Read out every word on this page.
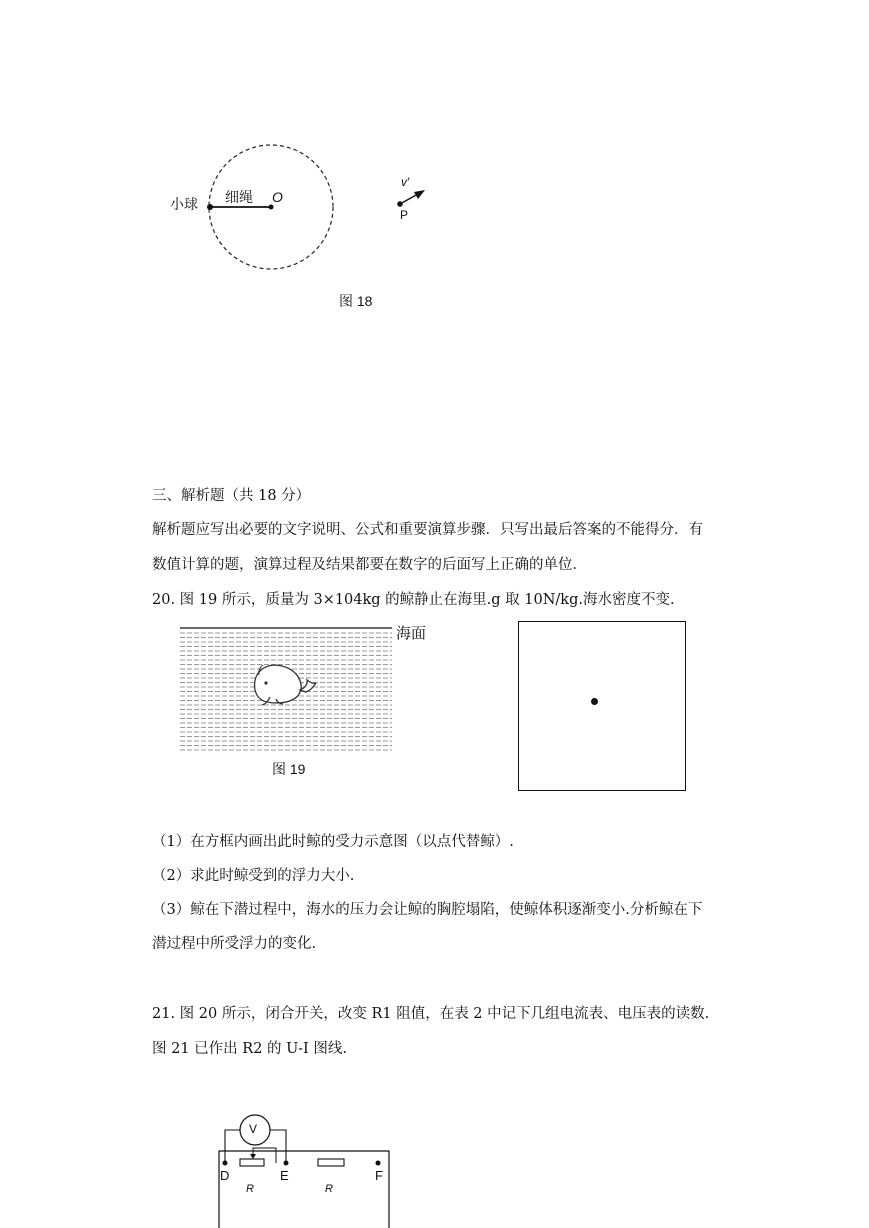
小球 细绳 O
v′
P
图 18
三、解析题（共 18 分）
解析题应写出必要的文字说明、公式和重要演算步骤．只写出最后答案的不能得分．有
数值计算的题，演算过程及结果都要在数字的后面写上正确的单位．
20. 图 19 所示，质量为 3×104kg 的鲸静止在海里.g 取 10N/kg.海水密度不变.
海面
图 19
（1）在方框内画出此时鲸的受力示意图（以点代替鲸）.
（2）求此时鲸受到的浮力大小.
（3）鲸在下潜过程中，海水的压力会让鲸的胸腔塌陷，使鲸体积逐渐变小.分析鲸在下
潜过程中所受浮力的变化.
21. 图 20 所示，闭合开关，改变 R1 阻值，在表 2 中记下几组电流表、电压表的读数.
图 21 已作出 R2 的 U-I 图线.
V
D	E	F
R	R
